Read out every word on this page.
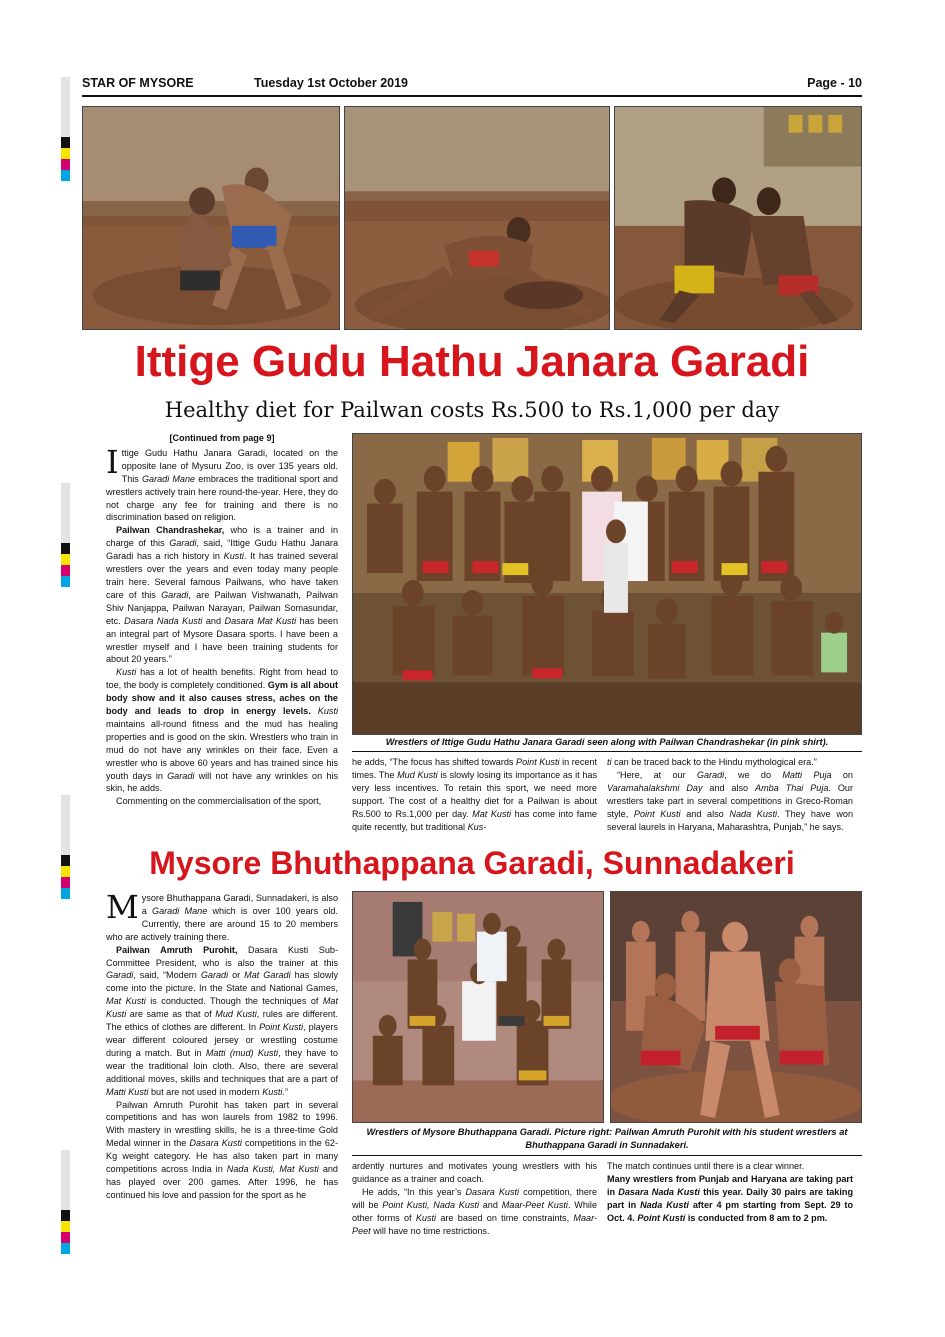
STAR OF MYSORE	Tuesday 1st October 2019	Page - 10
Ittige Gudu Hathu Janara Garadi
Healthy diet for Pailwan costs Rs.500 to Rs.1,000 per day

[Continued from page 9]

Ittige Gudu Hathu Janara Garadi, located on the opposite lane of Mysuru Zoo, is over 135 years old. This Garadi Mane embraces the traditional sport and wrestlers actively train here round-the-year. Here, they do not charge any fee for training and there is no discrimination based on religion.

Pailwan Chandrashekar, who is a trainer and in charge of this Garadi, said, “Ittige Gudu Hathu Janara Garadi has a rich history in Kusti. It has trained several wrestlers over the years and even today many people train here. Several famous Pailwans, who have taken care of this Garadi, are Pailwan Vishwanath, Pailwan Shiv Nanjappa, Pailwan Narayan, Pailwan Somasundar, etc. Dasara Nada Kusti and Dasara Mat Kusti has been an integral part of Mysore Dasara sports. I have been a wrestler myself and I have been training students for about 20 years.”

Kusti has a lot of health benefits. Right from head to toe, the body is completely conditioned. Gym is all about body show and it also causes stress, aches on the body and leads to drop in energy levels. Kusti maintains all-round fitness and the mud has healing properties and is good on the skin. Wrestlers who train in mud do not have any wrinkles on their face. Even a wrestler who is above 60 years and has trained since his youth days in Garadi will not have any wrinkles on his skin, he adds.

Commenting on the commercialisation of the sport,

Wrestlers of Ittige Gudu Hathu Janara Garadi seen along with Pailwan Chandrashekar (in pink shirt).

he adds, “The focus has shifted towards Point Kusti in recent times. The Mud Kusti is slowly losing its importance as it has very less incentives. To retain this sport, we need more support. The cost of a healthy diet for a Pailwan is about Rs.500 to Rs.1,000 per day. Mat Kusti has come into fame quite recently, but traditional Kus-

ti can be traced back to the Hindu mythological era.”

“Here, at our Garadi, we do Matti Puja on Varamahalakshmi Day and also Amba Thai Puja. Our wrestlers take part in several competitions in Greco-Roman style, Point Kusti and also Nada Kusti. They have won several laurels in Haryana, Maharashtra, Punjab,” he says.

Mysore Bhuthappana Garadi, Sunnadakeri

Mysore Bhuthappana Garadi, Sunnadakeri, is also a Garadi Mane which is over 100 years old. Currently, there are around 15 to 20 members who are actively training there.

Pailwan Amruth Purohit, Dasara Kusti Sub-Committee President, who is also the trainer at this Garadi, said, “Modern Garadi or Mat Garadi has slowly come into the picture. In the State and National Games, Mat Kusti is conducted. Though the techniques of Mat Kusti are same as that of Mud Kusti, rules are different. The ethics of clothes are different. In Point Kusti, players wear different coloured jersey or wrestling costume during a match. But in Matti (mud) Kusti, they have to wear the traditional loin cloth. Also, there are several additional moves, skills and techniques that are a part of Matti Kusti but are not used in modern Kusti.”

Pailwan Amruth Purohit has taken part in several competitions and has won laurels from 1982 to 1996. With mastery in wrestling skills, he is a three-time Gold Medal winner in the Dasara Kusti competitions in the 62-Kg weight category. He has also taken part in many competitions across India in Nada Kusti, Mat Kusti and has played over 200 games. After 1996, he has continued his love and passion for the sport as he

Wrestlers of Mysore Bhuthappana Garadi. Picture right: Pailwan Amruth Purohit with his student wrestlers at Bhuthappana Garadi in Sunnadakeri.

ardently nurtures and motivates young wrestlers with his guidance as a trainer and coach.

He adds, “In this year’s Dasara Kusti competition, there will be Point Kusti, Nada Kusti and Maar-Peet Kusti. While other forms of Kusti are based on time constraints, Maar-Peet will have no time restrictions.

The match continues until there is a clear winner.

Many wrestlers from Punjab and Haryana are taking part in Dasara Nada Kusti this year. Daily 30 pairs are taking part in Nada Kusti after 4 pm starting from Sept. 29 to Oct. 4. Point Kusti is conducted from 8 am to 2 pm.
